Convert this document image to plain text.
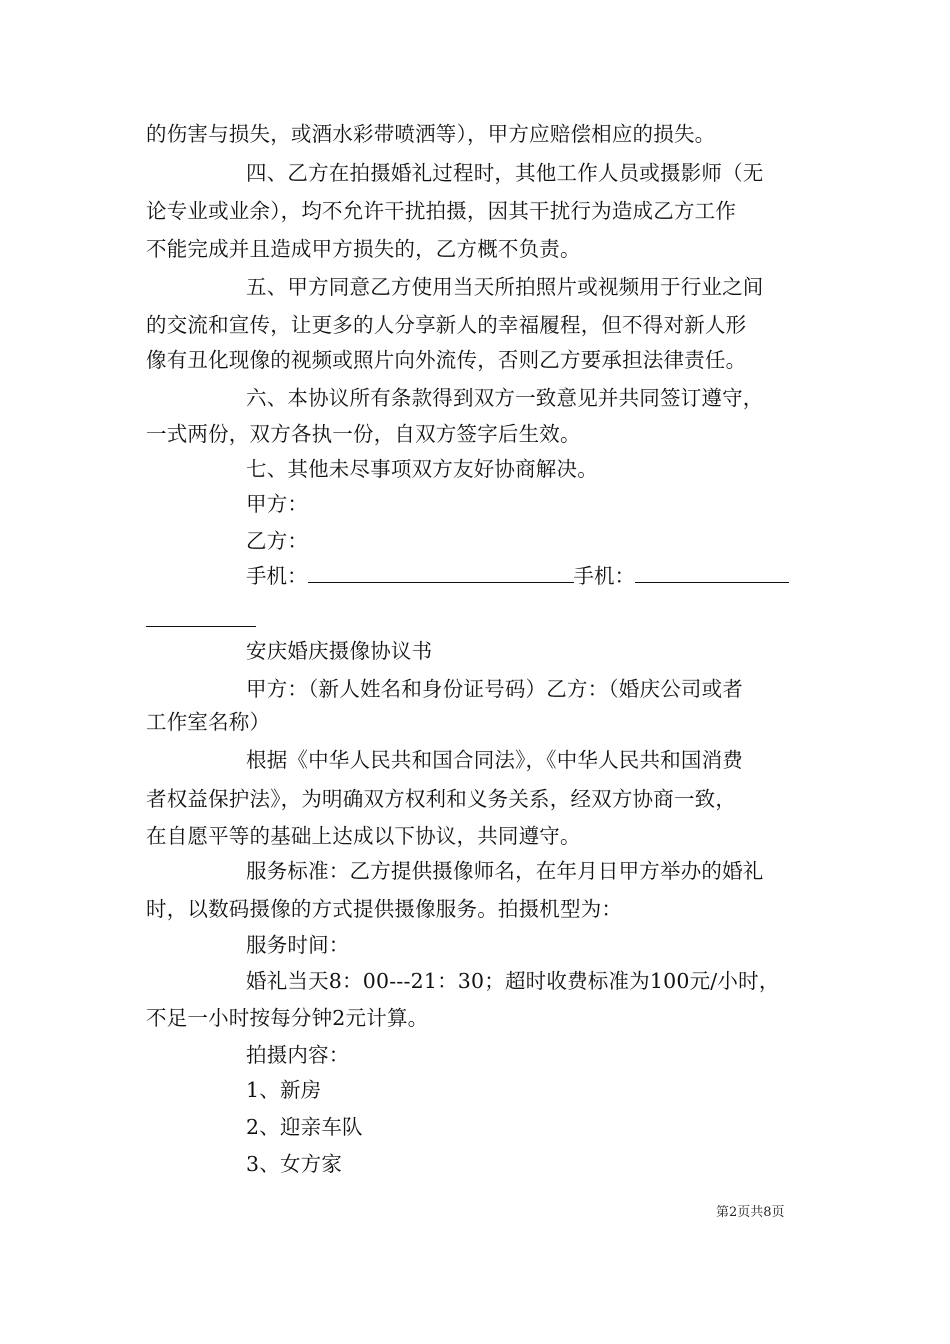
的伤害与损失，或酒水彩带喷洒等），甲方应赔偿相应的损失。
四、乙方在拍摄婚礼过程时，其他工作人员或摄影师（无
论专业或业余），均不允许干扰拍摄，因其干扰行为造成乙方工作
不能完成并且造成甲方损失的，乙方概不负责。
五、甲方同意乙方使用当天所拍照片或视频用于行业之间
的交流和宣传，让更多的人分享新人的幸福履程，但不得对新人形
像有丑化现像的视频或照片向外流传，否则乙方要承担法律责任。
六、本协议所有条款得到双方一致意见并共同签订遵守，
一式两份，双方各执一份，自双方签字后生效。
七、其他未尽事项双方友好协商解决。
甲方：
乙方：
手机：	手机：
安庆婚庆摄像协议书
甲方：（新人姓名和身份证号码）乙方：（婚庆公司或者
工作室名称）
根据《中华人民共和国合同法》，《中华人民共和国消费
者权益保护法》，为明确双方权利和义务关系，经双方协商一致，
在自愿平等的基础上达成以下协议，共同遵守。
服务标准：乙方提供摄像师名，在年月日甲方举办的婚礼
时，以数码摄像的方式提供摄像服务。拍摄机型为：
服务时间：
婚礼当天8：00---21：30；超时收费标准为100元/小时，
不足一小时按每分钟2元计算。
拍摄内容：
1、新房
2、迎亲车队
3、女方家
第2页共8页
